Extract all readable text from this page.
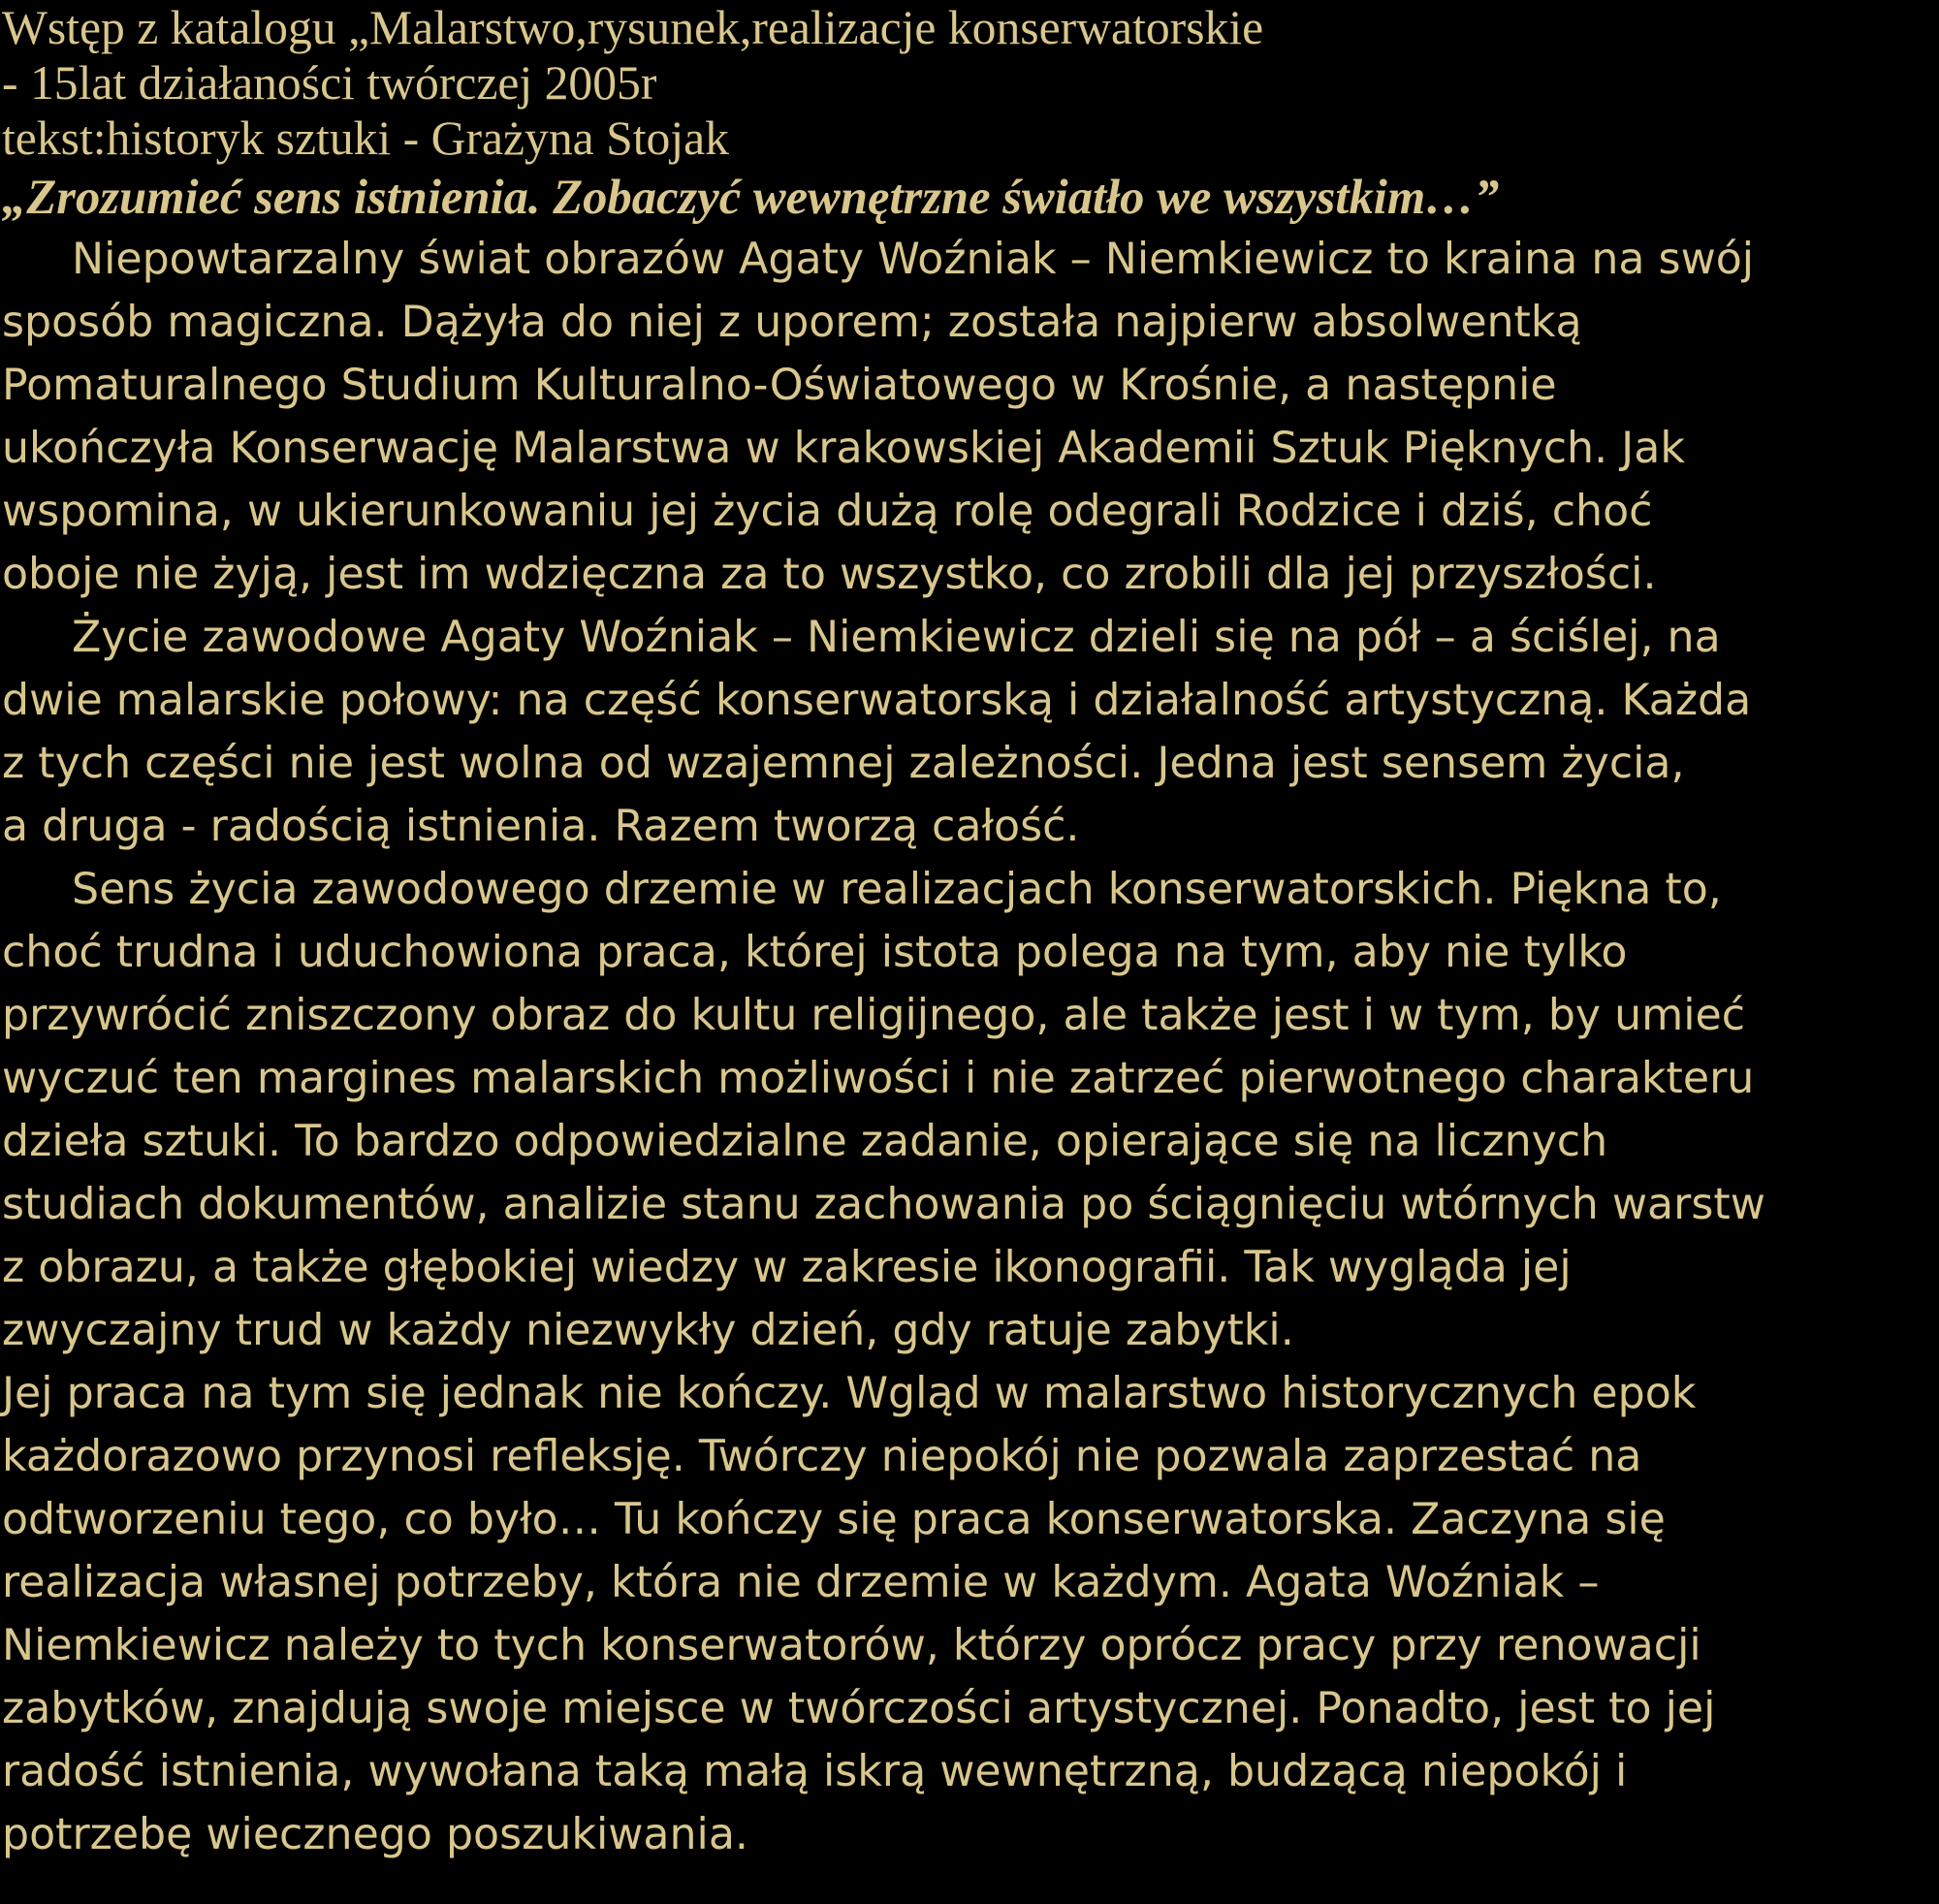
Wstęp z katalogu „Malarstwo,rysunek,realizacje konserwatorskie
- 15lat działaności twórczej 2005r
tekst:historyk sztuki - Grażyna Stojak
„Zrozumieć sens istnienia. Zobaczyć wewnętrzne światło we wszystkim…”
Niepowtarzalny świat obrazów Agaty Woźniak – Niemkiewicz to kraina na swój
sposób magiczna. Dążyła do niej z uporem; została najpierw absolwentką
Pomaturalnego Studium Kulturalno-Oświatowego w Krośnie, a następnie
ukończyła Konserwację Malarstwa w krakowskiej Akademii Sztuk Pięknych. Jak
wspomina, w ukierunkowaniu jej życia dużą rolę odegrali Rodzice i dziś, choć
oboje nie żyją, jest im wdzięczna za to wszystko, co zrobili dla jej przyszłości.
Życie zawodowe Agaty Woźniak – Niemkiewicz dzieli się na pół – a ściślej, na
dwie malarskie połowy: na część konserwatorską i działalność artystyczną. Każda
z tych części nie jest wolna od wzajemnej zależności. Jedna jest sensem życia,
a druga - radością istnienia. Razem tworzą całość.
Sens życia zawodowego drzemie w realizacjach konserwatorskich. Piękna to,
choć trudna i uduchowiona praca, której istota polega na tym, aby nie tylko
przywrócić zniszczony obraz do kultu religijnego, ale także jest i w tym, by umieć
wyczuć ten margines malarskich możliwości i nie zatrzeć pierwotnego charakteru
dzieła sztuki. To bardzo odpowiedzialne zadanie, opierające się na licznych
studiach dokumentów, analizie stanu zachowania po ściągnięciu wtórnych warstw
z obrazu, a także głębokiej wiedzy w zakresie ikonografii. Tak wygląda jej
zwyczajny trud w każdy niezwykły dzień, gdy ratuje zabytki.
Jej praca na tym się jednak nie kończy. Wgląd w malarstwo historycznych epok
każdorazowo przynosi refleksję. Twórczy niepokój nie pozwala zaprzestać na
odtworzeniu tego, co było… Tu kończy się praca konserwatorska. Zaczyna się
realizacja własnej potrzeby, która nie drzemie w każdym. Agata Woźniak –
Niemkiewicz należy to tych konserwatorów, którzy oprócz pracy przy renowacji
zabytków, znajdują swoje miejsce w twórczości artystycznej. Ponadto, jest to jej
radość istnienia, wywołana taką małą iskrą wewnętrzną, budzącą niepokój i
potrzebę wiecznego poszukiwania.
